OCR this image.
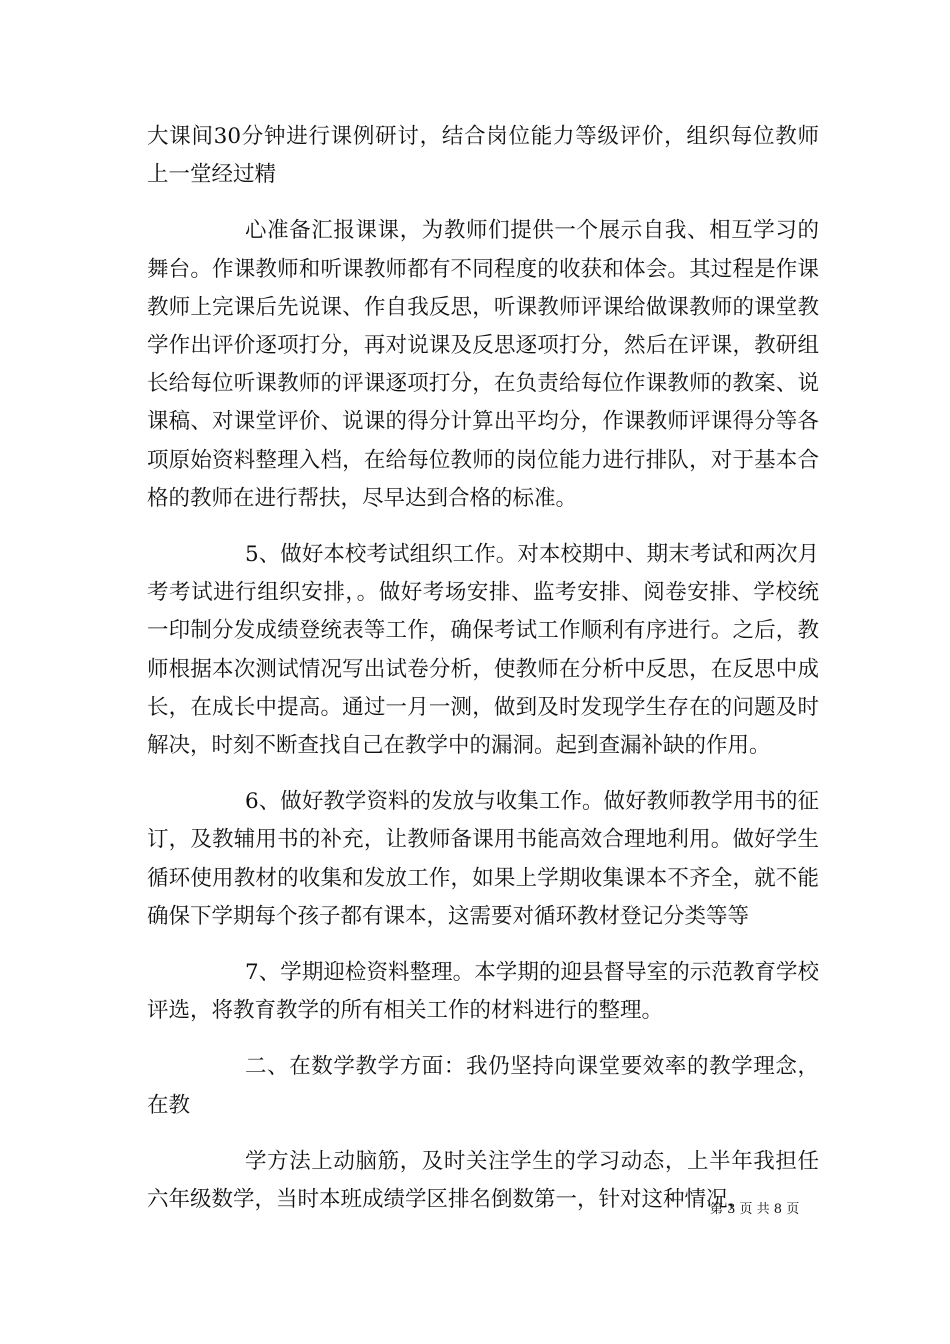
大课间30分钟进行课例研讨，结合岗位能力等级评价，组织每位教师上一堂经过精

心准备汇报课课，为教师们提供一个展示自我、相互学习的舞台。作课教师和听课教师都有不同程度的收获和体会。其过程是作课教师上完课后先说课、作自我反思，听课教师评课给做课教师的课堂教学作出评价逐项打分，再对说课及反思逐项打分，然后在评课，教研组长给每位听课教师的评课逐项打分，在负责给每位作课教师的教案、说课稿、对课堂评价、说课的得分计算出平均分，作课教师评课得分等各项原始资料整理入档，在给每位教师的岗位能力进行排队，对于基本合格的教师在进行帮扶，尽早达到合格的标准。

5、做好本校考试组织工作。对本校期中、期末考试和两次月考考试进行组织安排，。做好考场安排、监考安排、阅卷安排、学校统一印制分发成绩登统表等工作，确保考试工作顺利有序进行。之后，教师根据本次测试情况写出试卷分析，使教师在分析中反思，在反思中成长，在成长中提高。通过一月一测，做到及时发现学生存在的问题及时解决，时刻不断查找自己在教学中的漏洞。起到查漏补缺的作用。

6、做好教学资料的发放与收集工作。做好教师教学用书的征订，及教辅用书的补充，让教师备课用书能高效合理地利用。做好学生循环使用教材的收集和发放工作，如果上学期收集课本不齐全，就不能确保下学期每个孩子都有课本，这需要对循环教材登记分类等等

7、学期迎检资料整理。本学期的迎县督导室的示范教育学校评选，将教育教学的所有相关工作的材料进行的整理。

二、在数学教学方面：我仍坚持向课堂要效率的教学理念，在教

学方法上动脑筋，及时关注学生的学习动态，上半年我担任六年级数学，当时本班成绩学区排名倒数第一，针对这种情况，

第 3 页 共 8 页
